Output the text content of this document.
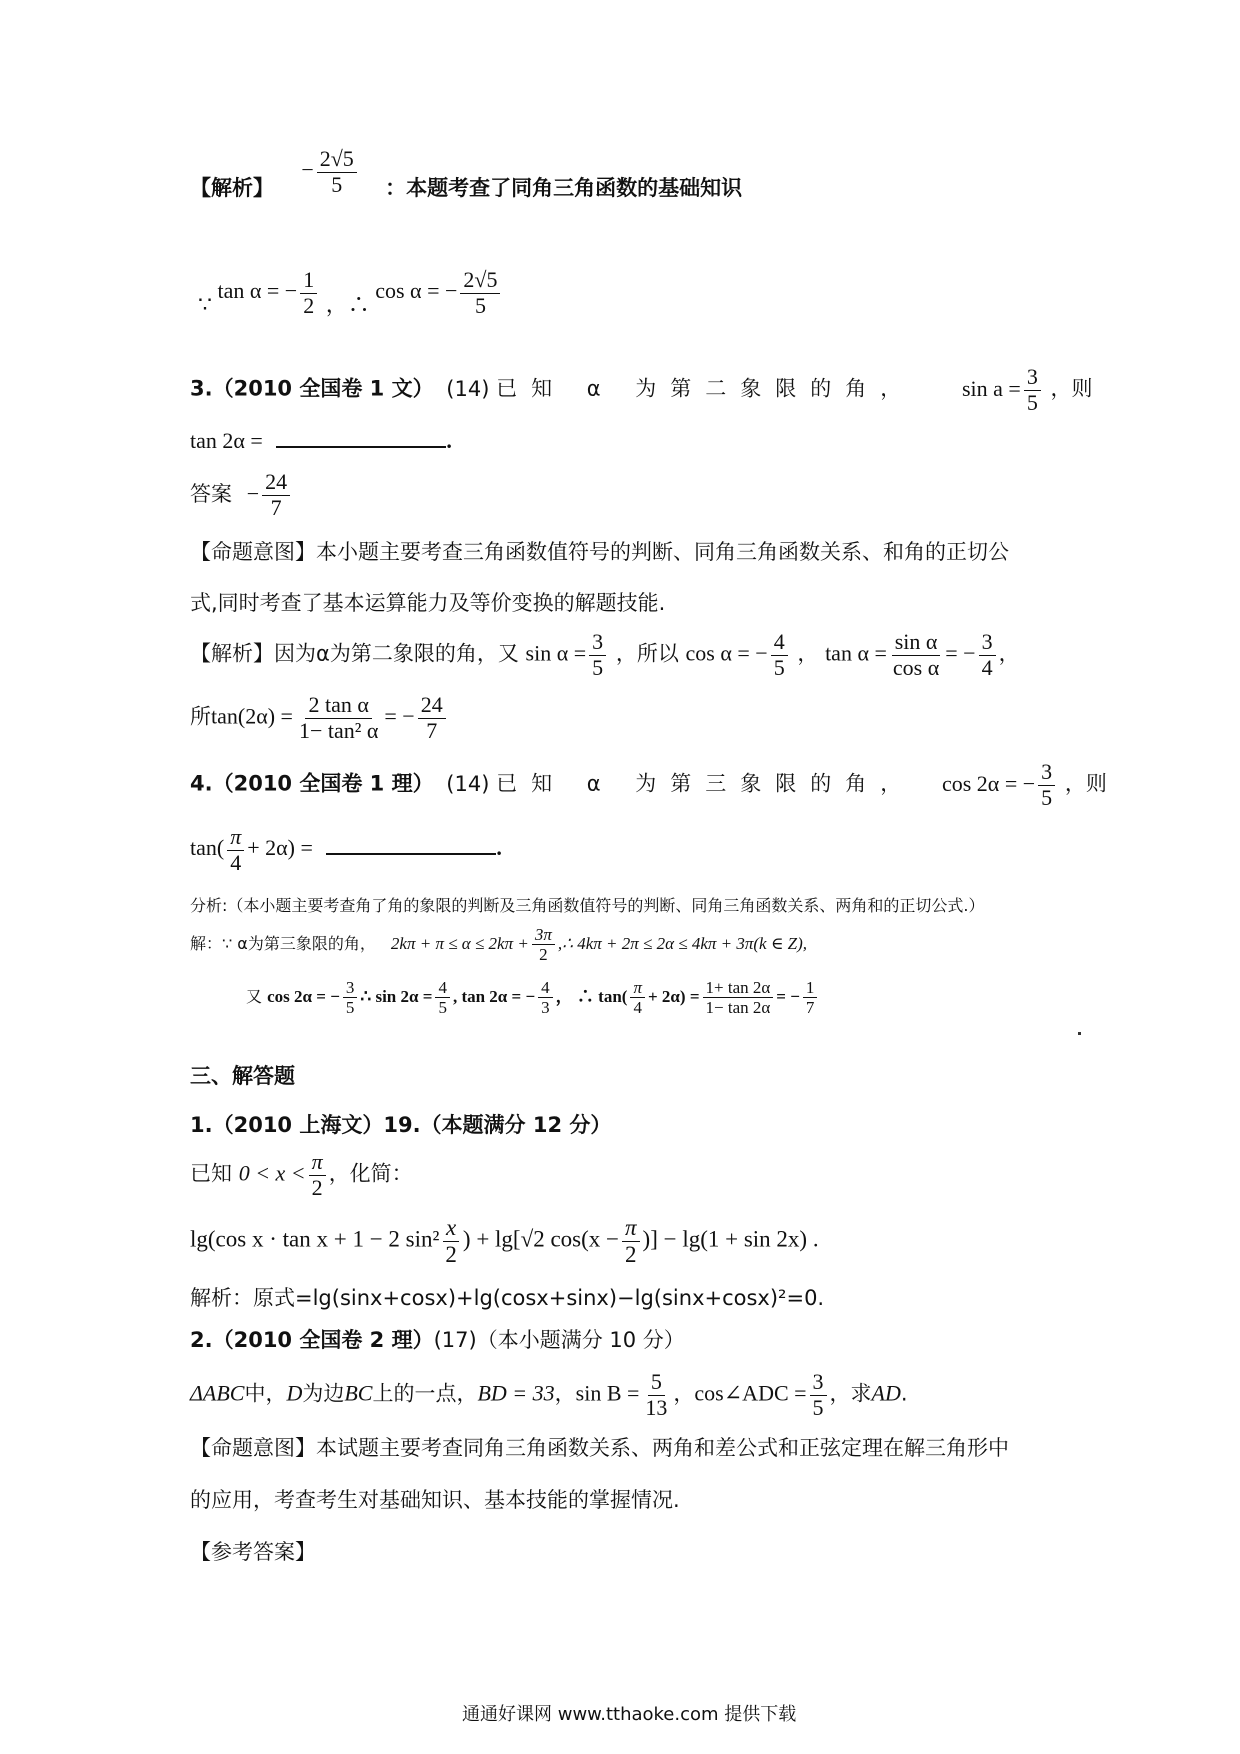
【解析】 − $\frac{2√5}{5}$ ：本题考查了同角三角函数的基础知识
∵ tan α = − $\frac{1}{2}$ ，∴ cos α = − $\frac{2√5}{5}$
3.（2010 全国卷 1 文） (14) 已知 α 为第二象限的角， $\sin a = \frac{3}{5}$ ，则
tan 2α =	.
答案 − $\frac{24}{7}$
【命题意图】本小题主要考查三角函数值符号的判断、同角三角函数关系、和角的正切公
式,同时考查了基本运算能力及等价变换的解题技能.
【解析】因为α为第二象限的角，又 $\sin \alpha = \frac{3}{5}$ ，所以 cos α = − $\frac{4}{5}$ ， $\tan \alpha = \frac{\text{sin α}}{\text{cos α}}$ = − $\frac{3}{4}$ ，
所$\tan(2\alpha) = \frac{\text{2 tan α}}{\text{1− tan² α}}$ = − $\frac{24}{7}$
4.（2010 全国卷 1 理） (14) 已知 α 为第三象限的角， cos 2α = − $\frac{3}{5}$ ，则
$\tan( \frac{\pi}{4} + 2\alpha)$ =	.
分析:（本小题主要考查角了角的象限的判断及三角函数值符号的判断、同角三角函数关系、两角和的正切公式.）
解：∵ α为第三象限的角， $2k\pi + \pi \le \alpha \le 2k\pi + \frac{3\pi}{2}$ ,∴ 4kπ + 2π ≤ 2α ≤ 4kπ + 3π(k ∈ Z),
又 cos 2α = − $\frac{3}{5}$ ∴ $\sin 2\alpha = \frac{4}{5}$ , tan 2α = − $\frac{4}{3}$ ， ∴ $\tan( \frac{\pi}{4} + 2\alpha) = \frac{1+ \tan 2\alpha}{1- \tan 2\alpha}$ = − $\frac{1}{7}$
三、解答题
1.（2010 上海文）19.（本题满分 12 分）
已知 $0 < x < \frac{\pi}{2}$ ，化简：
lg(cos x · tan x + 1 − 2 $\sin^2 \frac{x}{2}$ ) + lg[√2 $\cos(x - \frac{\pi}{2}$ )] − lg(1 + sin 2x) .
解析：原式=lg(sinx+cosx)+lg(cosx+sinx)−lg(sinx+cosx)²=0.
2.（2010 全国卷 2 理）(17)（本小题满分 10 分）
ΔABC中，D为边BC上的一点，BD = 33，$\sin B = \frac{5}{13}$ ，cos∠ADC = $\frac{3}{5}$ ，求AD.
【命题意图】本试题主要考查同角三角函数关系、两角和差公式和正弦定理在解三角形中
的应用，考查考生对基础知识、基本技能的掌握情况.
【参考答案】
通通好课网 www.tthaoke.com 提供下载
